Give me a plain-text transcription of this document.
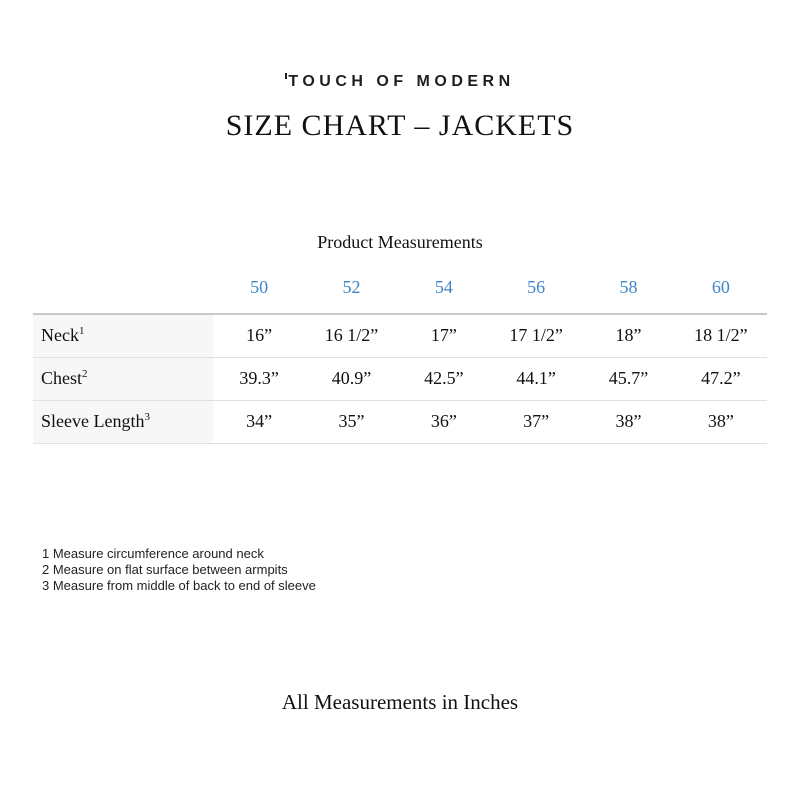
TOUCH OF MODERN
SIZE CHART – JACKETS
Product Measurements
	50	52	54	56	58	60
Neck$^1$	16”	16 1/2”	17”	17 1/2”	18”	18 1/2”
Chest$^2$	39.3”	40.9”	42.5”	44.1”	45.7”	47.2”
Sleeve Length$^3$	34”	35”	36”	37”	38”	38”
1 Measure circumference around neck
2 Measure on flat surface between armpits
3 Measure from middle of back to end of sleeve
All Measurements in Inches
